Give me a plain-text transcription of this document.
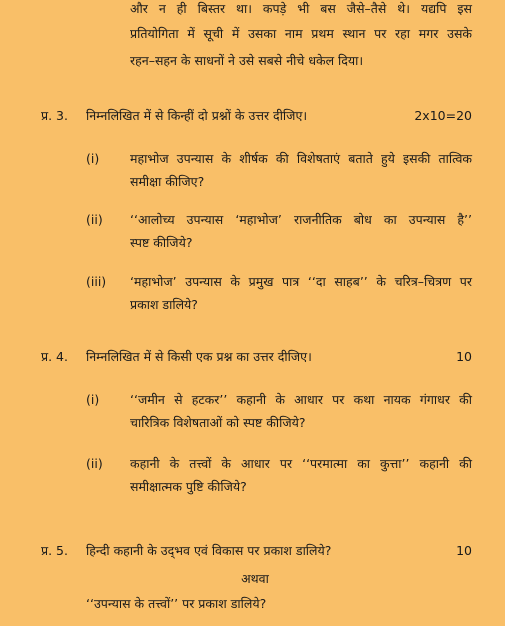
और न ही बिस्तर था। कपड़े भी बस जैसे–तैसे थे। यद्यपि इस
प्रतियोगिता में सूची में उसका नाम प्रथम स्थान पर रहा मगर उसके
रहन–सहन के साधनों ने उसे सबसे नीचे धकेल दिया।
प्र. 3. निम्नलिखित में से किन्हीं दो प्रश्नों के उत्तर दीजिए।	2x10=20
(i) महाभोज उपन्यास के शीर्षक की विशेषताएं बताते हुये इसकी तात्विक
समीक्षा कीजिए?
(ii) ‘‘आलोच्य उपन्यास ‘महाभोज’ राजनीतिक बोध का उपन्यास है’’
स्पष्ट कीजिये?
(iii) ‘महाभोज’ उपन्यास के प्रमुख पात्र ‘‘दा साहब’’ के चरित्र–चित्रण पर
प्रकाश डालिये?
प्र. 4. निम्नलिखित में से किसी एक प्रश्न का उत्तर दीजिए।	10
(i) ‘‘जमीन से हटकर’’ कहानी के आधार पर कथा नायक गंगाधर की
चारित्रिक विशेषताओं को स्पष्ट कीजिये?
(ii) कहानी के तत्त्वों के आधार पर ‘‘परमात्मा का कुत्ता’’ कहानी की
समीक्षात्मक पुष्टि कीजिये?
प्र. 5. हिन्दी कहानी के उद्‌भव एवं विकास पर प्रकाश डालिये?	10
अथवा
‘‘उपन्यास के तत्त्वों’’ पर प्रकाश डालिये?
